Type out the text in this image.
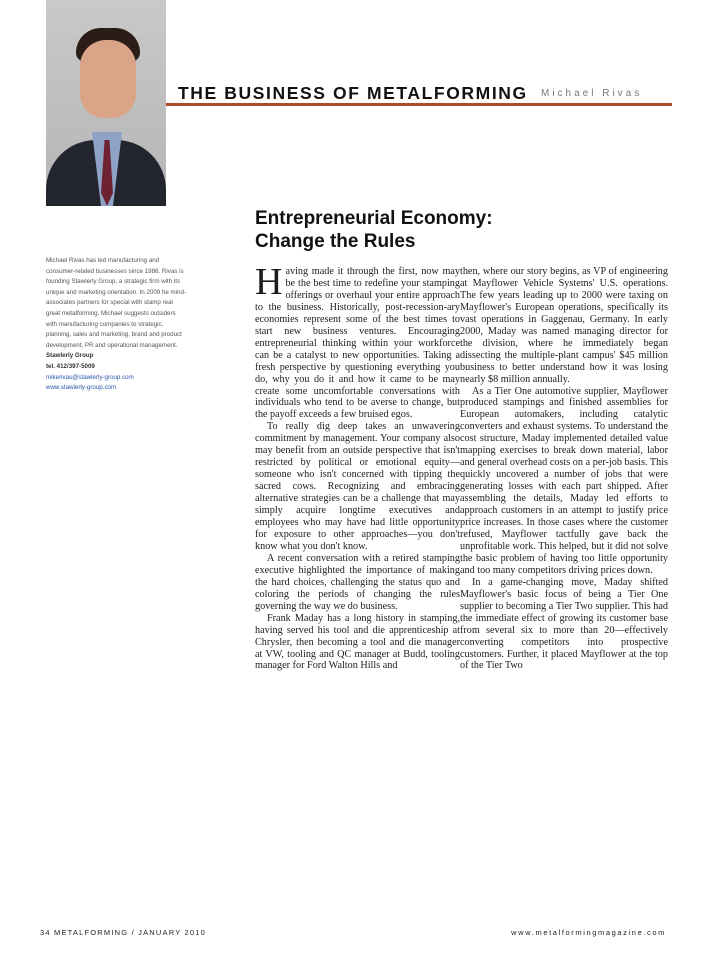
THE BUSINESS OF METALFORMING Michael Rivas
Michael Rivas has led manufacturing and consumer-related businesses since 1986. Rivas is founding Stawlerly Group, a strategic firm with its unique and marketing orientation. In 2009 he mind-associates partners for special with stamp real great metalforming. Michael suggests outsiders with manufacturing companies to strategic, planning, sales and marketing, brand and product development, PR and operational management.
Stawlerly Group
tel. 412/397-5009
mikerivas@stawlerly-group.com
www.stawlerly-group.com
Entrepreneurial Economy:
Change the Rules

Having made it through the first, now may be the best time to redefine your stamping offerings or overhaul your entire approach to the business. Historically, post-recession-ary economies represent some of the best times to start new business ventures. Encouraging entrepreneurial thinking within your workforce can be a catalyst to new opportunities. Taking a fresh perspective by questioning everything you do, why you do it and how it came to be may create some uncomfortable conversations with individuals who tend to be averse to change, but the payoff exceeds a few bruised egos.

To really dig deep takes an unwavering commitment by management. Your company also may benefit from an outside perspective that isn't restricted by political or emotional equity—someone who isn't concerned with tipping the sacred cows. Recognizing and embracing alternative strategies can be a challenge that may simply acquire longtime executives and employees who may have had little opportunity for exposure to other approaches—you don't know what you don't know.

A recent conversation with a retired stamping executive highlighted the importance of making the hard choices, challenging the status quo and coloring the periods of changing the rules governing the way we do business.

Frank Maday has a long history in stamping, having served his tool and die apprenticeship at Chrysler, then becoming a tool and die manager at VW, tooling and QC manager at Budd, tooling manager for Ford Walton Hills and

then, where our story begins, as VP of engineering at Mayflower Vehicle Systems' U.S. operations. The few years leading up to 2000 were taxing on Mayflower's European operations, specifically its vast operations in Gaggenau, Germany. In early 2000, Maday was named managing director for the division, where he immediately began dissecting the multiple-plant campus' $45 million business to better understand how it was losing nearly $8 million annually.

As a Tier One automotive supplier, Mayflower produced stampings and finished assemblies for European automakers, including catalytic converters and exhaust systems. To understand the cost structure, Maday implemented detailed value mapping exercises to break down material, labor and general overhead costs on a per-job basis. This quickly uncovered a number of jobs that were generating losses with each part shipped. After assembling the details, Maday led efforts to approach customers in an attempt to justify price price increases. In those cases where the customer refused, Mayflower tactfully gave back the unprofitable work. This helped, but it did not solve the basic problem of having too little opportunity and too many competitors driving prices down.

In a game-changing move, Maday shifted Mayflower's basic focus of being a Tier One supplier to becoming a Tier Two supplier. This had the immediate effect of growing its customer base from several six to more than 20—effectively converting competitors into prospective customers. Further, it placed Mayflower at the top of the Tier Two

34 METALFORMING / JANUARY 2010	www.metalformingmagazine.com
